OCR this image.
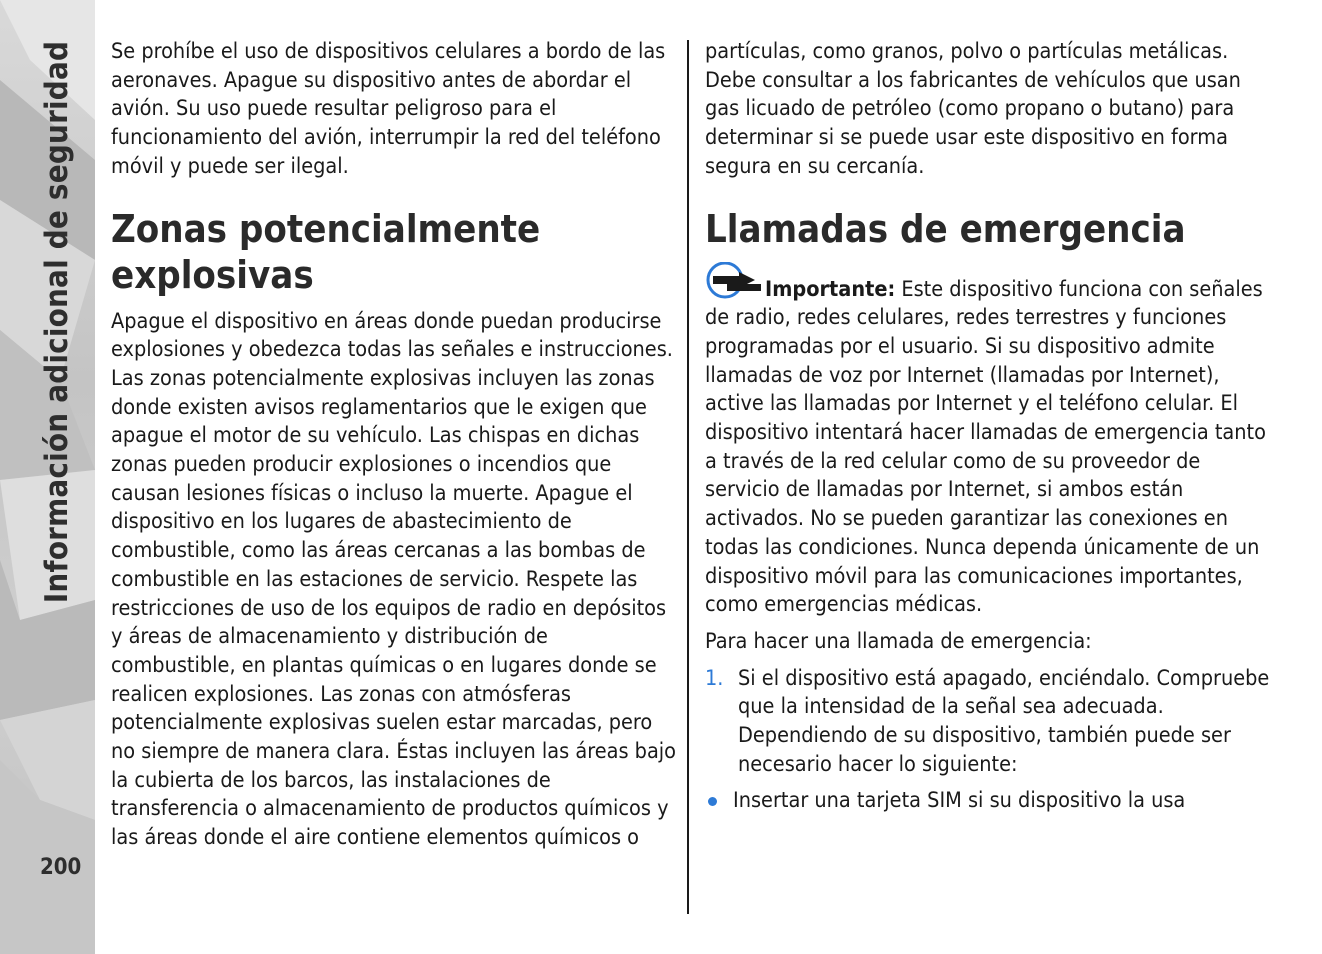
Información adicional de seguridad
200

Se prohíbe el uso de dispositivos celulares a bordo de las aeronaves. Apague su dispositivo antes de abordar el avión. Su uso puede resultar peligroso para el funcionamiento del avión, interrumpir la red del teléfono móvil y puede ser ilegal.

Zonas potencialmente explosivas

Apague el dispositivo en áreas donde puedan producirse explosiones y obedezca todas las señales e instrucciones. Las zonas potencialmente explosivas incluyen las zonas donde existen avisos reglamentarios que le exigen que apague el motor de su vehículo. Las chispas en dichas zonas pueden producir explosiones o incendios que causan lesiones físicas o incluso la muerte. Apague el dispositivo en los lugares de abastecimiento de combustible, como las áreas cercanas a las bombas de combustible en las estaciones de servicio. Respete las restricciones de uso de los equipos de radio en depósitos y áreas de almacenamiento y distribución de combustible, en plantas químicas o en lugares donde se realicen explosiones. Las zonas con atmósferas potencialmente explosivas suelen estar marcadas, pero no siempre de manera clara. Éstas incluyen las áreas bajo la cubierta de los barcos, las instalaciones de transferencia o almacenamiento de productos químicos y las áreas donde el aire contiene elementos químicos o

partículas, como granos, polvo o partículas metálicas. Debe consultar a los fabricantes de vehículos que usan gas licuado de petróleo (como propano o butano) para determinar si se puede usar este dispositivo en forma segura en su cercanía.

Llamadas de emergencia

Importante: Este dispositivo funciona con señales de radio, redes celulares, redes terrestres y funciones programadas por el usuario. Si su dispositivo admite llamadas de voz por Internet (llamadas por Internet), active las llamadas por Internet y el teléfono celular. El dispositivo intentará hacer llamadas de emergencia tanto a través de la red celular como de su proveedor de servicio de llamadas por Internet, si ambos están activados. No se pueden garantizar las conexiones en todas las condiciones. Nunca dependa únicamente de un dispositivo móvil para las comunicaciones importantes, como emergencias médicas.

Para hacer una llamada de emergencia:

1. Si el dispositivo está apagado, enciéndalo. Compruebe que la intensidad de la señal sea adecuada. Dependiendo de su dispositivo, también puede ser necesario hacer lo siguiente:
Insertar una tarjeta SIM si su dispositivo la usa
